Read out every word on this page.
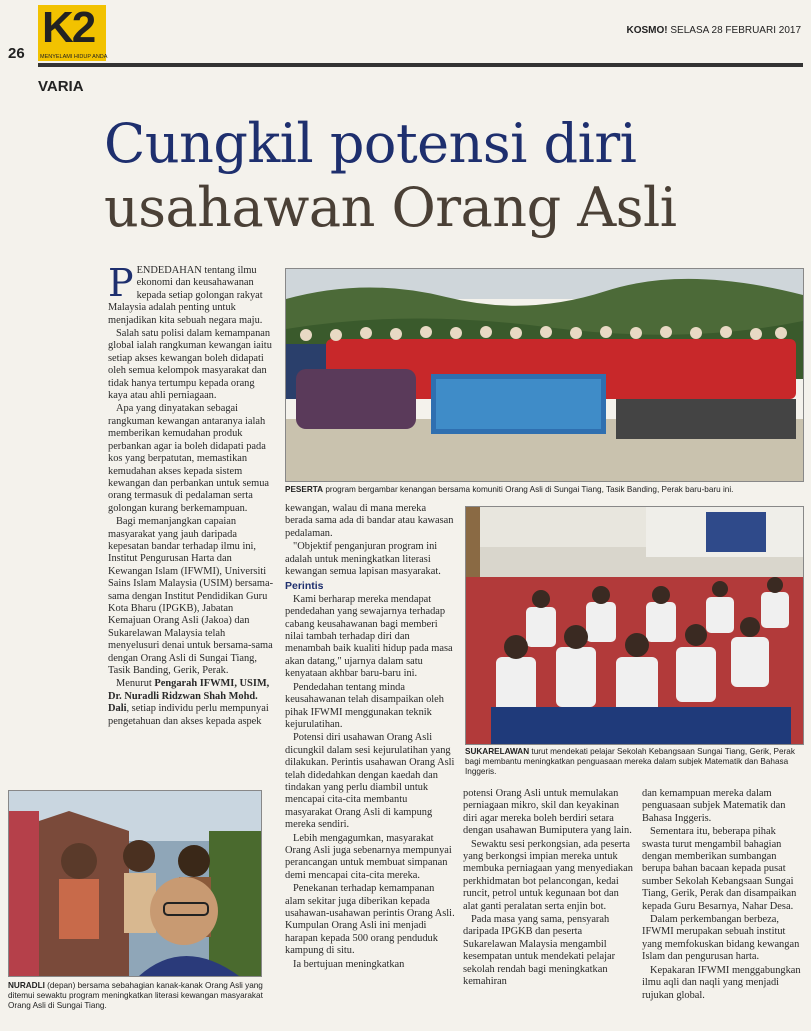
26
K2
MENYELAMI HIDUP ANDA
KOSMO! SELASA 28 FEBRUARI 2017
VARIA
Cungkil potensi diri
usahawan Orang Asli

PENDEDAHAN tentang ilmu ekonomi dan keusahawanan kepada setiap golongan rakyat Malaysia adalah penting untuk menjadikan kita sebuah negara maju.

Salah satu polisi dalam kemampanan global ialah rangkuman kewangan iaitu setiap akses kewangan boleh didapati oleh semua kelompok masyarakat dan tidak hanya tertumpu kepada orang kaya atau ahli perniagaan.

Apa yang dinyatakan sebagai rangkuman kewangan antaranya ialah memberikan kemudahan produk perbankan agar ia boleh didapati pada kos yang berpatutan, memastikan kemudahan akses kepada sistem kewangan dan perbankan untuk semua orang termasuk di pedalaman serta golongan kurang berkemampuan.

Bagi memanjangkan capaian masyarakat yang jauh daripada kepesatan bandar terhadap ilmu ini, Institut Pengurusan Harta dan Kewangan Islam (IFWMI), Universiti Sains Islam Malaysia (USIM) bersama-sama dengan Institut Pendidikan Guru Kota Bharu (IPGKB), Jabatan Kemajuan Orang Asli (Jakoa) dan Sukarelawan Malaysia telah menyelusuri denai untuk bersama-sama dengan Orang Asli di Sungai Tiang, Tasik Banding, Gerik, Perak.

Menurut Pengarah IFWMI, USIM, Dr. Nuradli Ridzwan Shah Mohd. Dali, setiap individu perlu mempunyai pengetahuan dan akses kepada aspek

PESERTA program bergambar kenangan bersama komuniti Orang Asli di Sungai Tiang, Tasik Banding, Perak baru-baru ini.

kewangan, walau di mana mereka berada sama ada di bandar atau kawasan pedalaman.

"Objektif penganjuran program ini adalah untuk meningkatkan literasi kewangan semua lapisan masyarakat.

Perintis

Kami berharap mereka mendapat pendedahan yang sewajarnya terhadap cabang keusahawanan bagi memberi nilai tambah terhadap diri dan menambah baik kualiti hidup pada masa akan datang," ujarnya dalam satu kenyataan akhbar baru-baru ini.

Pendedahan tentang minda keusahawanan telah disampaikan oleh pihak IFWMI menggunakan teknik kejurulatihan.

Potensi diri usahawan Orang Asli dicungkil dalam sesi kejurulatihan yang dilakukan. Perintis usahawan Orang Asli telah didedahkan dengan kaedah dan tindakan yang perlu diambil untuk mencapai cita-cita membantu masyarakat Orang Asli di kampung mereka sendiri.

Lebih mengagumkan, masyarakat Orang Asli juga sebenarnya mempunyai perancangan untuk membuat simpanan demi mencapai cita-cita mereka.

Penekanan terhadap kemampanan alam sekitar juga diberikan kepada usahawan-usahawan perintis Orang Asli. Kumpulan Orang Asli ini menjadi harapan kepada 500 orang penduduk kampung di situ.

Ia bertujuan meningkatkan

SUKARELAWAN turut mendekati pelajar Sekolah Kebangsaan Sungai Tiang, Gerik, Perak bagi membantu meningkatkan penguasaan mereka dalam subjek Matematik dan Bahasa Inggeris.
NURADLI (depan) bersama sebahagian kanak-kanak Orang Asli yang ditemui sewaktu program meningkatkan literasi kewangan masyarakat Orang Asli di Sungai Tiang.

potensi Orang Asli untuk memulakan perniagaan mikro, skil dan keyakinan diri agar mereka boleh berdiri setara dengan usahawan Bumiputera yang lain.

Sewaktu sesi perkongsian, ada peserta yang berkongsi impian mereka untuk membuka perniagaan yang menyediakan perkhidmatan bot pelancongan, kedai runcit, petrol untuk kegunaan bot dan alat ganti peralatan serta enjin bot.

Pada masa yang sama, pensyarah daripada IPGKB dan peserta Sukarelawan Malaysia mengambil kesempatan untuk mendekati pelajar sekolah rendah bagi meningkatkan kemahiran

dan kemampuan mereka dalam penguasaan subjek Matematik dan Bahasa Inggeris.

Sementara itu, beberapa pihak swasta turut mengambil bahagian dengan memberikan sumbangan berupa bahan bacaan kepada pusat sumber Sekolah Kebangsaan Sungai Tiang, Gerik, Perak dan disampaikan kepada Guru Besarnya, Nahar Desa.

Dalam perkembangan berbeza, IFWMI merupakan sebuah institut yang memfokuskan bidang kewangan Islam dan pengurusan harta.

Kepakaran IFWMI menggabungkan ilmu aqli dan naqli yang menjadi rujukan global.
